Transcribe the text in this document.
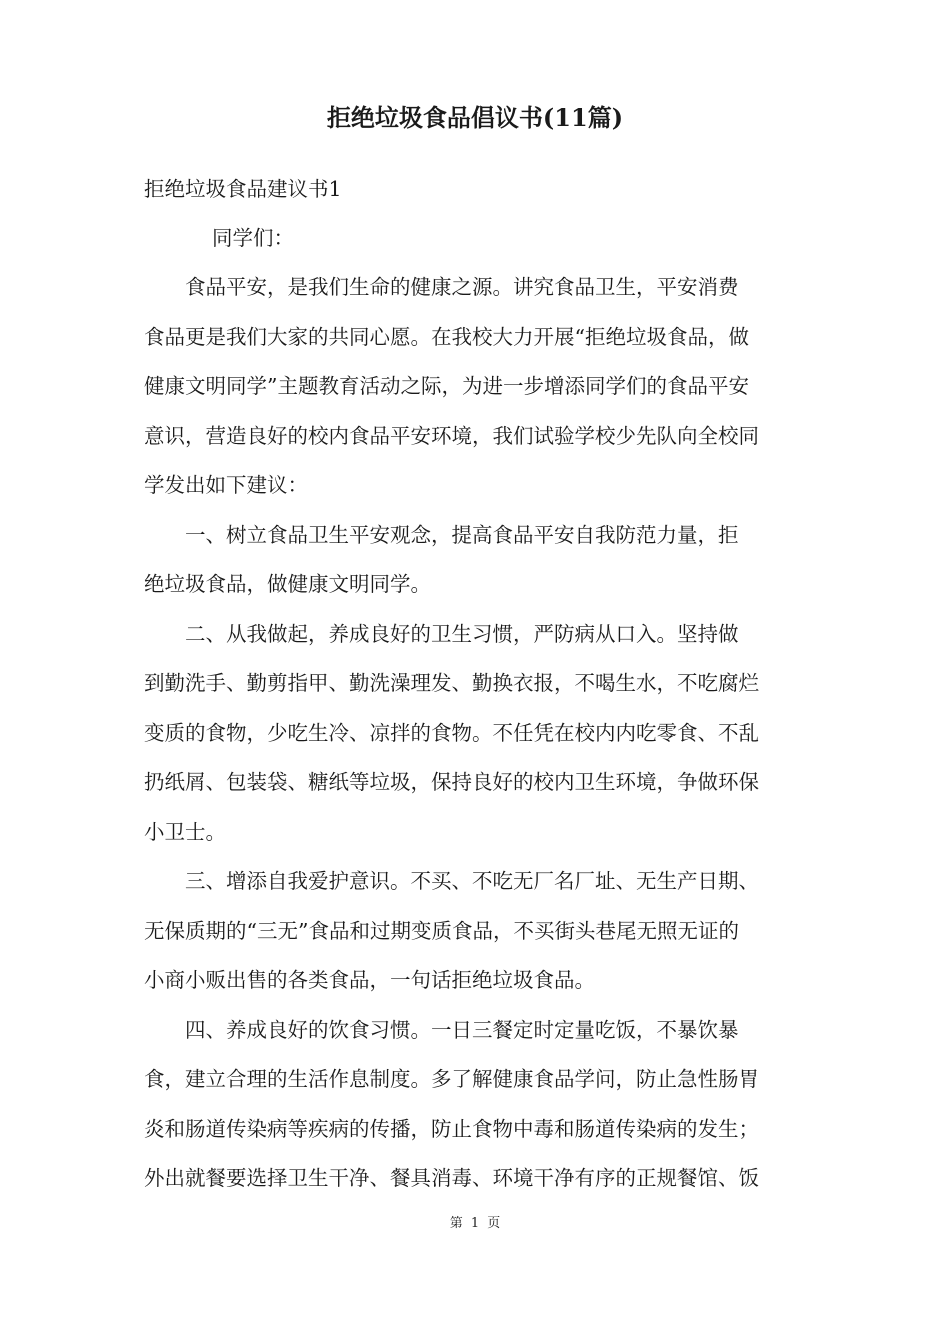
拒绝垃圾食品倡议书(11篇)
拒绝垃圾食品建议书1
同学们：
食品平安，是我们生命的健康之源。讲究食品卫生，平安消费
食品更是我们大家的共同心愿。在我校大力开展“拒绝垃圾食品，做
健康文明同学”主题教育活动之际，为进一步增添同学们的食品平安
意识，营造良好的校内食品平安环境，我们试验学校少先队向全校同
学发出如下建议：
一、树立食品卫生平安观念，提高食品平安自我防范力量，拒
绝垃圾食品，做健康文明同学。
二、从我做起，养成良好的卫生习惯，严防病从口入。坚持做
到勤洗手、勤剪指甲、勤洗澡理发、勤换衣报，不喝生水，不吃腐烂
变质的食物，少吃生冷、凉拌的食物。不任凭在校内内吃零食、不乱
扔纸屑、包装袋、糖纸等垃圾，保持良好的校内卫生环境，争做环保
小卫士。
三、增添自我爱护意识。不买、不吃无厂名厂址、无生产日期、
无保质期的“三无”食品和过期变质食品，不买街头巷尾无照无证的
小商小贩出售的各类食品，一句话拒绝垃圾食品。
四、养成良好的饮食习惯。一日三餐定时定量吃饭，不暴饮暴
食，建立合理的生活作息制度。多了解健康食品学问，防止急性肠胃
炎和肠道传染病等疾病的传播，防止食物中毒和肠道传染病的发生；
外出就餐要选择卫生干净、餐具消毒、环境干净有序的正规餐馆、饭
第 1 页
